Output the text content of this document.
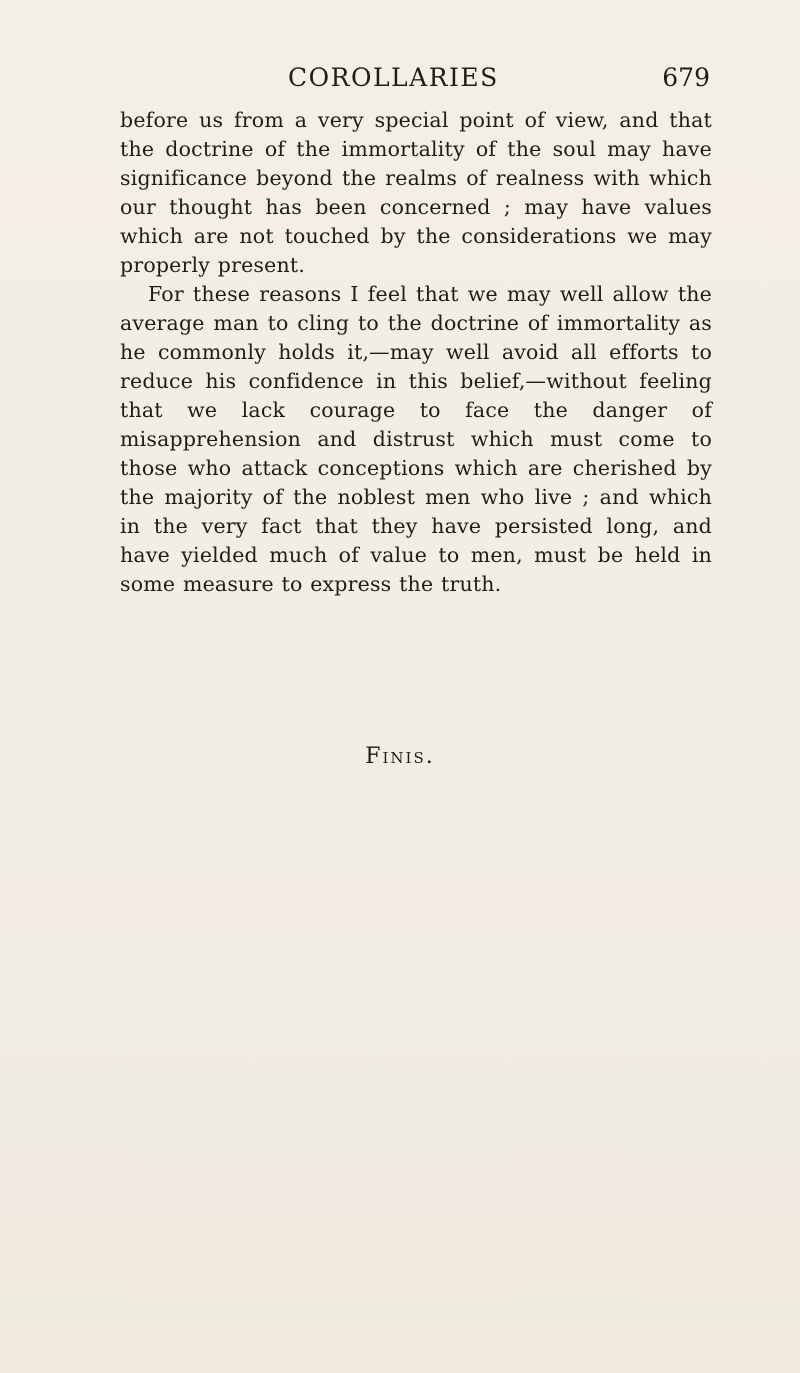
COROLLARIES	679

before us from a very special point of view, and that the doctrine of the immortality of the soul may have significance beyond the realms of realness with which our thought has been concerned ; may have values which are not touched by the considerations we may properly present.

For these reasons I feel that we may well allow the average man to cling to the doctrine of immortality as he commonly holds it,—may well avoid all efforts to reduce his confidence in this belief,—without feeling that we lack courage to face the danger of misapprehension and distrust which must come to those who attack conceptions which are cherished by the majority of the noblest men who live ; and which in the very fact that they have persisted long, and have yielded much of value to men, must be held in some measure to express the truth.

Finis.
